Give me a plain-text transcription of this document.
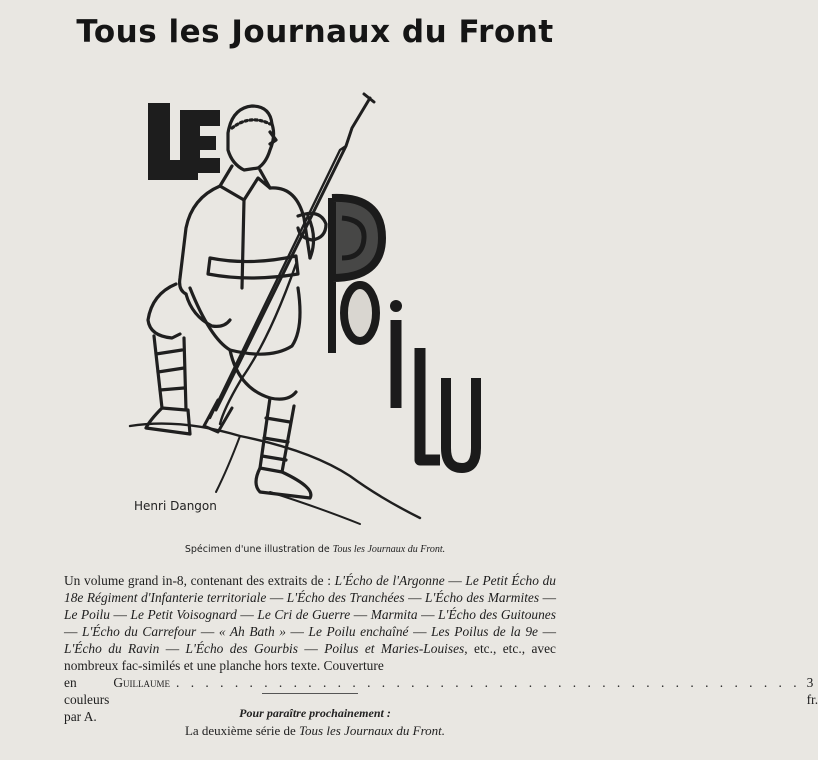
Tous les Journaux du Front
Henri Dangon
Spécimen d'une illustration de Tous les Journaux du Front.
Un volume grand in-8, contenant des extraits de : L'Écho de l'Argonne — Le Petit Écho du 18e Régiment d'Infanterie territoriale — L'Écho des Tranchées — L'Écho des Marmites — Le Poilu — Le Petit Voisognard — Le Cri de Guerre — Marmita — L'Écho des Guitounes — L'Écho du Carrefour — « Ah Bath » — Le Poilu enchaîné — Les Poilus de la 9e — L'Écho du Ravin — L'Écho des Gourbis — Poilus et Maries-Louises, etc., etc., avec nombreux fac-similés et une planche hors texte. Couverture
en couleurs par A.
Guillaume . . . . . . . . . . . . . . . . . . . . . . . . . . . . . . . . . . . . . . . . . . . 3 fr.
Pour paraître prochainement :
La deuxième série de Tous les Journaux du Front.
